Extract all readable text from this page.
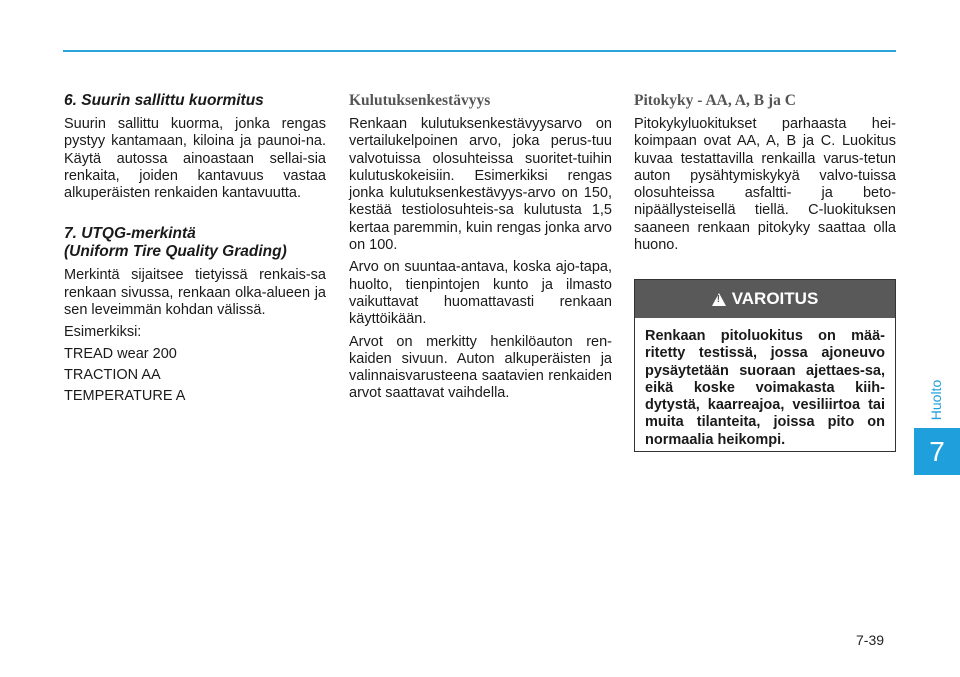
Huolto
7
6. Suurin sallittu kuormitus

Suurin sallittu kuorma, jonka rengas pystyy kantamaan, kiloina ja paunoi-na. Käytä autossa ainoastaan sellai-sia renkaita, joiden kantavuus vastaa alkuperäisten renkaiden kantavuutta.

7. UTQG-merkintä
(Uniform Tire Quality Grading)

Merkintä sijaitsee tietyissä renkais-sa renkaan sivussa, renkaan olka-alueen ja sen leveimmän kohdan välissä.

Esimerkiksi:

TREAD wear 200

TRACTION AA

TEMPERATURE A

Kulutuksenkestävyys

Renkaan kulutuksenkestävyysarvo on vertailukelpoinen arvo, joka perus-tuu valvotuissa olosuhteissa suoritet-tuihin kulutuskokeisiin. Esimerkiksi rengas jonka kulutuksenkestävyys-arvo on 150, kestää testiolosuhteis-sa kulutusta 1,5 kertaa paremmin, kuin rengas jonka arvo on 100.

Arvo on suuntaa-antava, koska ajo-tapa, huolto, tienpintojen kunto ja ilmasto vaikuttavat huomattavasti renkaan käyttöikään.

Arvot on merkitty henkilöauton ren-kaiden sivuun. Auton alkuperäisten ja valinnaisvarusteena saatavien renkaiden arvot saattavat vaihdella.

Pitokyky - AA, A, B ja C

Pitokykyluokitukset parhaasta hei-koimpaan ovat AA, A, B ja C. Luokitus kuvaa testattavilla renkailla varus-tetun auton pysähtymiskykyä valvo-tuissa olosuhteissa asfaltti- ja beto-nipäällysteisellä tiellä. C-luokituksen saaneen renkaan pitokyky saattaa olla huono.

!
VAROITUS
Renkaan pitoluokitus on mää-ritetty testissä, jossa ajoneuvo pysäytetään suoraan ajettaes-sa, eikä koske voimakasta kiih-dytystä, kaarreajoa, vesiliirtoa tai muita tilanteita, joissa pito on normaalia heikompi.
7-39
